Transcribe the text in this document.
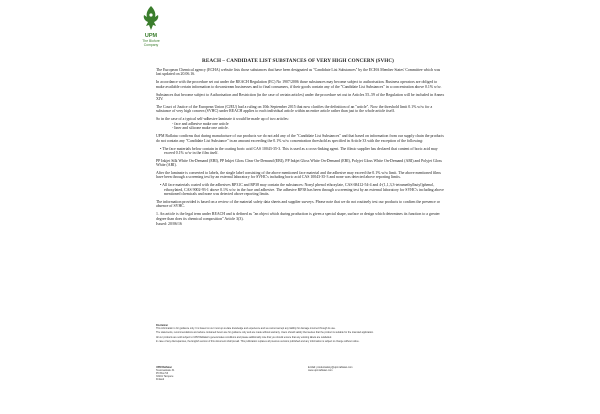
UPM
The Biofore
Company
REACH – CANDIDATE LIST SUBSTANCES OF VERY HIGH CONCERN (SVHC)

The European Chemical agency (ECHA) website lists those substances that have been designated as "Candidate List Substances" by the ECHA Member States' Committee which was last updated on 20.06.16.

In accordance with the procedure set out under the REACH Regulation (EC) No 1907/2006 those substances may become subject to authorisation. Business operators are obliged to make available certain information to downstream businesses and to final consumers, if their goods contain any of the "Candidate List Substances" in a concentration above 0.1% w/w.

Substances that become subject to Authorisation and Restriction (in the case of certain articles) under the procedure set out in Articles 55–59 of the Regulation will be included in Annex XIV.

The Court of Justice of the European Union (CJEU) had a ruling on 10th September 2015 that now clarifies the definition of an "article". Now the threshold limit 0.1% w/w for a substance of very high concern (SVHC) under REACH applies to each individual article within an entire article rather than just to the whole article itself.

So in the case of a typical self-adhesive laminate it would be made up of two articles:

- face and adhesive make one article
- liner and silicone make one article.

UPM Raflatac confirms that during manufacture of our products we do not add any of the "Candidate List Substances" and that based on information from our supply chain the products do not contain any "Candidate List Substance" in an amount exceeding the 0.1% w/w concentration threshold as specified in Article 33 with the exception of the following:

• The face materials below contain in the coating boric acid CAS 10043-35-3. This is used as a cross-linking agent. The filmic supplier has declared that content of boric acid may exceed 0.1% w/w in the film itself.

PP Inkjet Silk White On-Demand (EBI), PP Inkjet Gloss Clear On-Demand (EBI), PP Inkjet Gloss White On-Demand (EBI), Polyjet Gloss White On-Demand (ABI) and Polyjet Gloss White (ABI).

After the laminate is converted to labels, the single label consisting of the above mentioned face material and the adhesive may exceed the 0.1% w/w limit. The above mentioned films have been through a screening test by an external laboratory for SVHC's including boric acid CAS 10043-35-3 and none was detected above reporting limits.

• All face materials coated with the adhesives RP31C and RP38 may contain the substances: Nonyl phenol ethoxylate, CAS 68412-54-4 and 4-(1,1,3,3-tetramethylbutyl)phenol, ethoxylated, CAS 9002-93-1 above 0.1% w/w in the face and adhesive. The adhesive RP38 has been through a screening test by an external laboratory for SVHC's including above mentioned chemicals and none was detected above reporting limits.

The information provided is based on a review of the material safety data sheets and supplier surveys. Please note that we do not routinely test our products to confirm the presence or absence of SVHC.

1. An article is the legal term under REACH and is defined as "an object which during production is given a special shape, surface or design which determines its function to a greater degree than does its chemical composition" Article 3(3).

Issued: 20/06/16

Disclaimer

This information is for guidance only. It is based on our most up-to-date knowledge and experience and we cannot accept any liability for damage incurred through its use.

The statements, recommendations and advice contained herein are for guidance only and are made without warranty. Users should satisfy themselves that the product is suitable for the intended application.

All our products are sold subject to UPM Raflatac's general sales conditions and please additionally note that you should ensure that any existing labels are relabelled.

In case of any discrepancies, the English version of this document shall prevail. This publication replaces all previous versions published and any information is subject to change without notice.

UPM Raflatac
Tesomankatu 31
PO Box 53
33101 Tampere
Finland
E-Mail: productsafety@upmraflatac.com
www.upmraflatac.com
